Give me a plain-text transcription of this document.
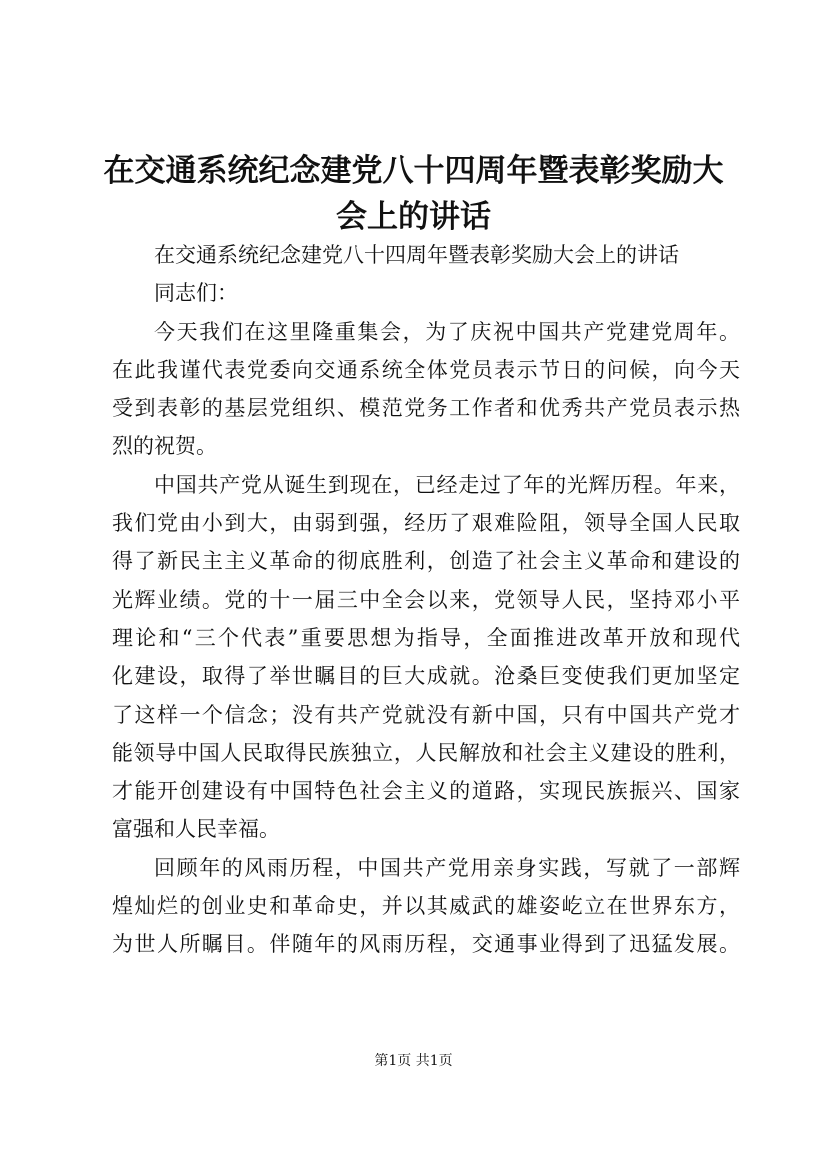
在交通系统纪念建党八十四周年暨表彰奖励大
会上的讲话
在交通系统纪念建党八十四周年暨表彰奖励大会上的讲话
同志们：
今天我们在这里隆重集会，为了庆祝中国共产党建党周年。
在此我谨代表党委向交通系统全体党员表示节日的问候，向今天
受到表彰的基层党组织、模范党务工作者和优秀共产党员表示热
烈的祝贺。
中国共产党从诞生到现在，已经走过了年的光辉历程。年来，
我们党由小到大，由弱到强，经历了艰难险阻，领导全国人民取
得了新民主主义革命的彻底胜利，创造了社会主义革命和建设的
光辉业绩。党的十一届三中全会以来，党领导人民，坚持邓小平
理论和“三个代表”重要思想为指导，全面推进改革开放和现代
化建设，取得了举世瞩目的巨大成就。沧桑巨变使我们更加坚定
了这样一个信念；没有共产党就没有新中国，只有中国共产党才
能领导中国人民取得民族独立，人民解放和社会主义建设的胜利，
才能开创建设有中国特色社会主义的道路，实现民族振兴、国家
富强和人民幸福。
回顾年的风雨历程，中国共产党用亲身实践，写就了一部辉
煌灿烂的创业史和革命史，并以其威武的雄姿屹立在世界东方，
为世人所瞩目。伴随年的风雨历程，交通事业得到了迅猛发展。
第1页 共1页
